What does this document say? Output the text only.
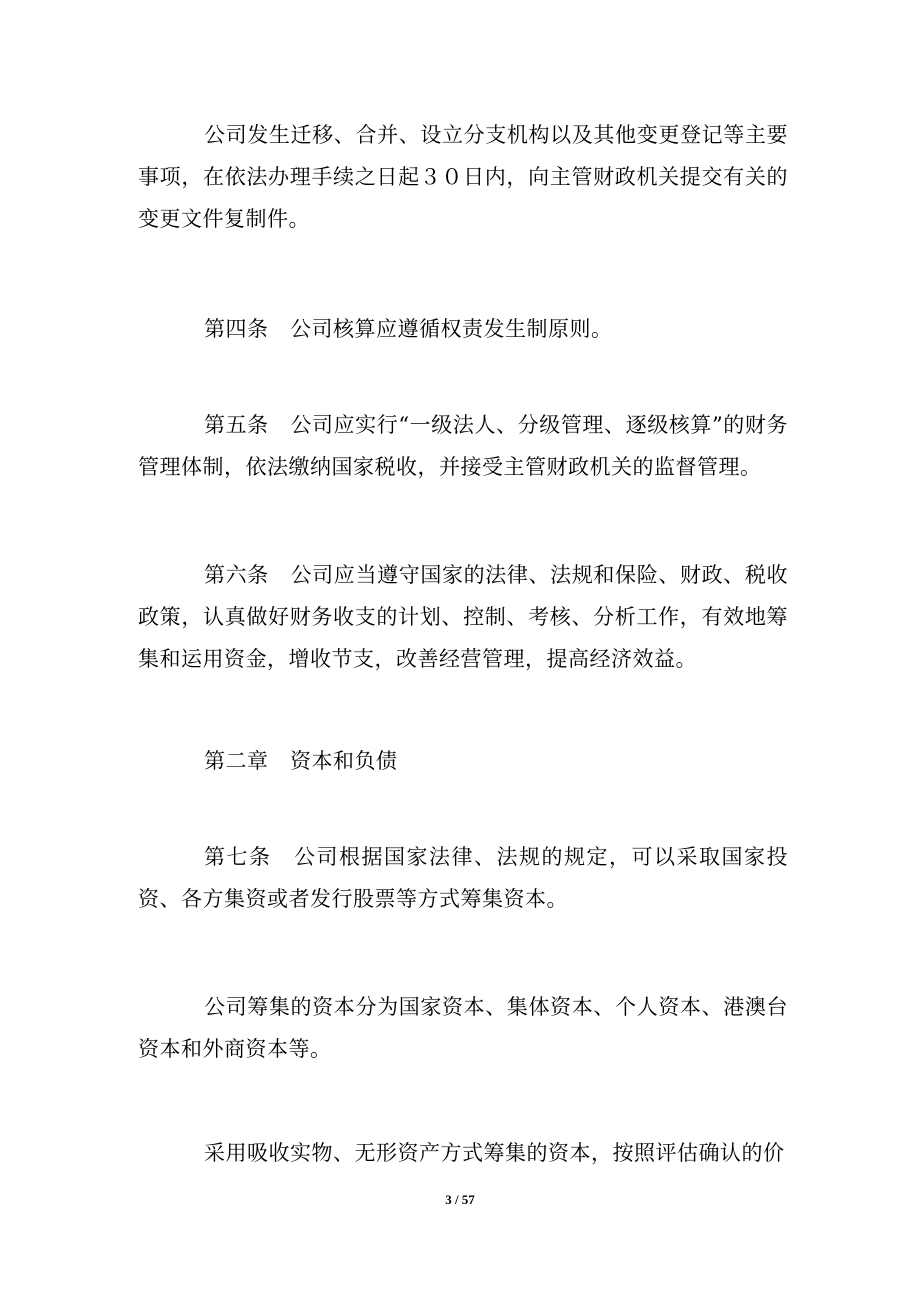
公司发生迁移、合并、设立分支机构以及其他变更登记等主要事项，在依法办理手续之日起３０日内，向主管财政机关提交有关的变更文件复制件。

第四条　公司核算应遵循权责发生制原则。

第五条　公司应实行“一级法人、分级管理、逐级核算”的财务管理体制，依法缴纳国家税收，并接受主管财政机关的监督管理。

第六条　公司应当遵守国家的法律、法规和保险、财政、税收政策，认真做好财务收支的计划、控制、考核、分析工作，有效地筹集和运用资金，增收节支，改善经营管理，提高经济效益。

第二章　资本和负债

第七条　公司根据国家法律、法规的规定，可以采取国家投资、各方集资或者发行股票等方式筹集资本。

公司筹集的资本分为国家资本、集体资本、个人资本、港澳台资本和外商资本等。

采用吸收实物、无形资产方式筹集的资本，按照评估确认的价

3 / 57
